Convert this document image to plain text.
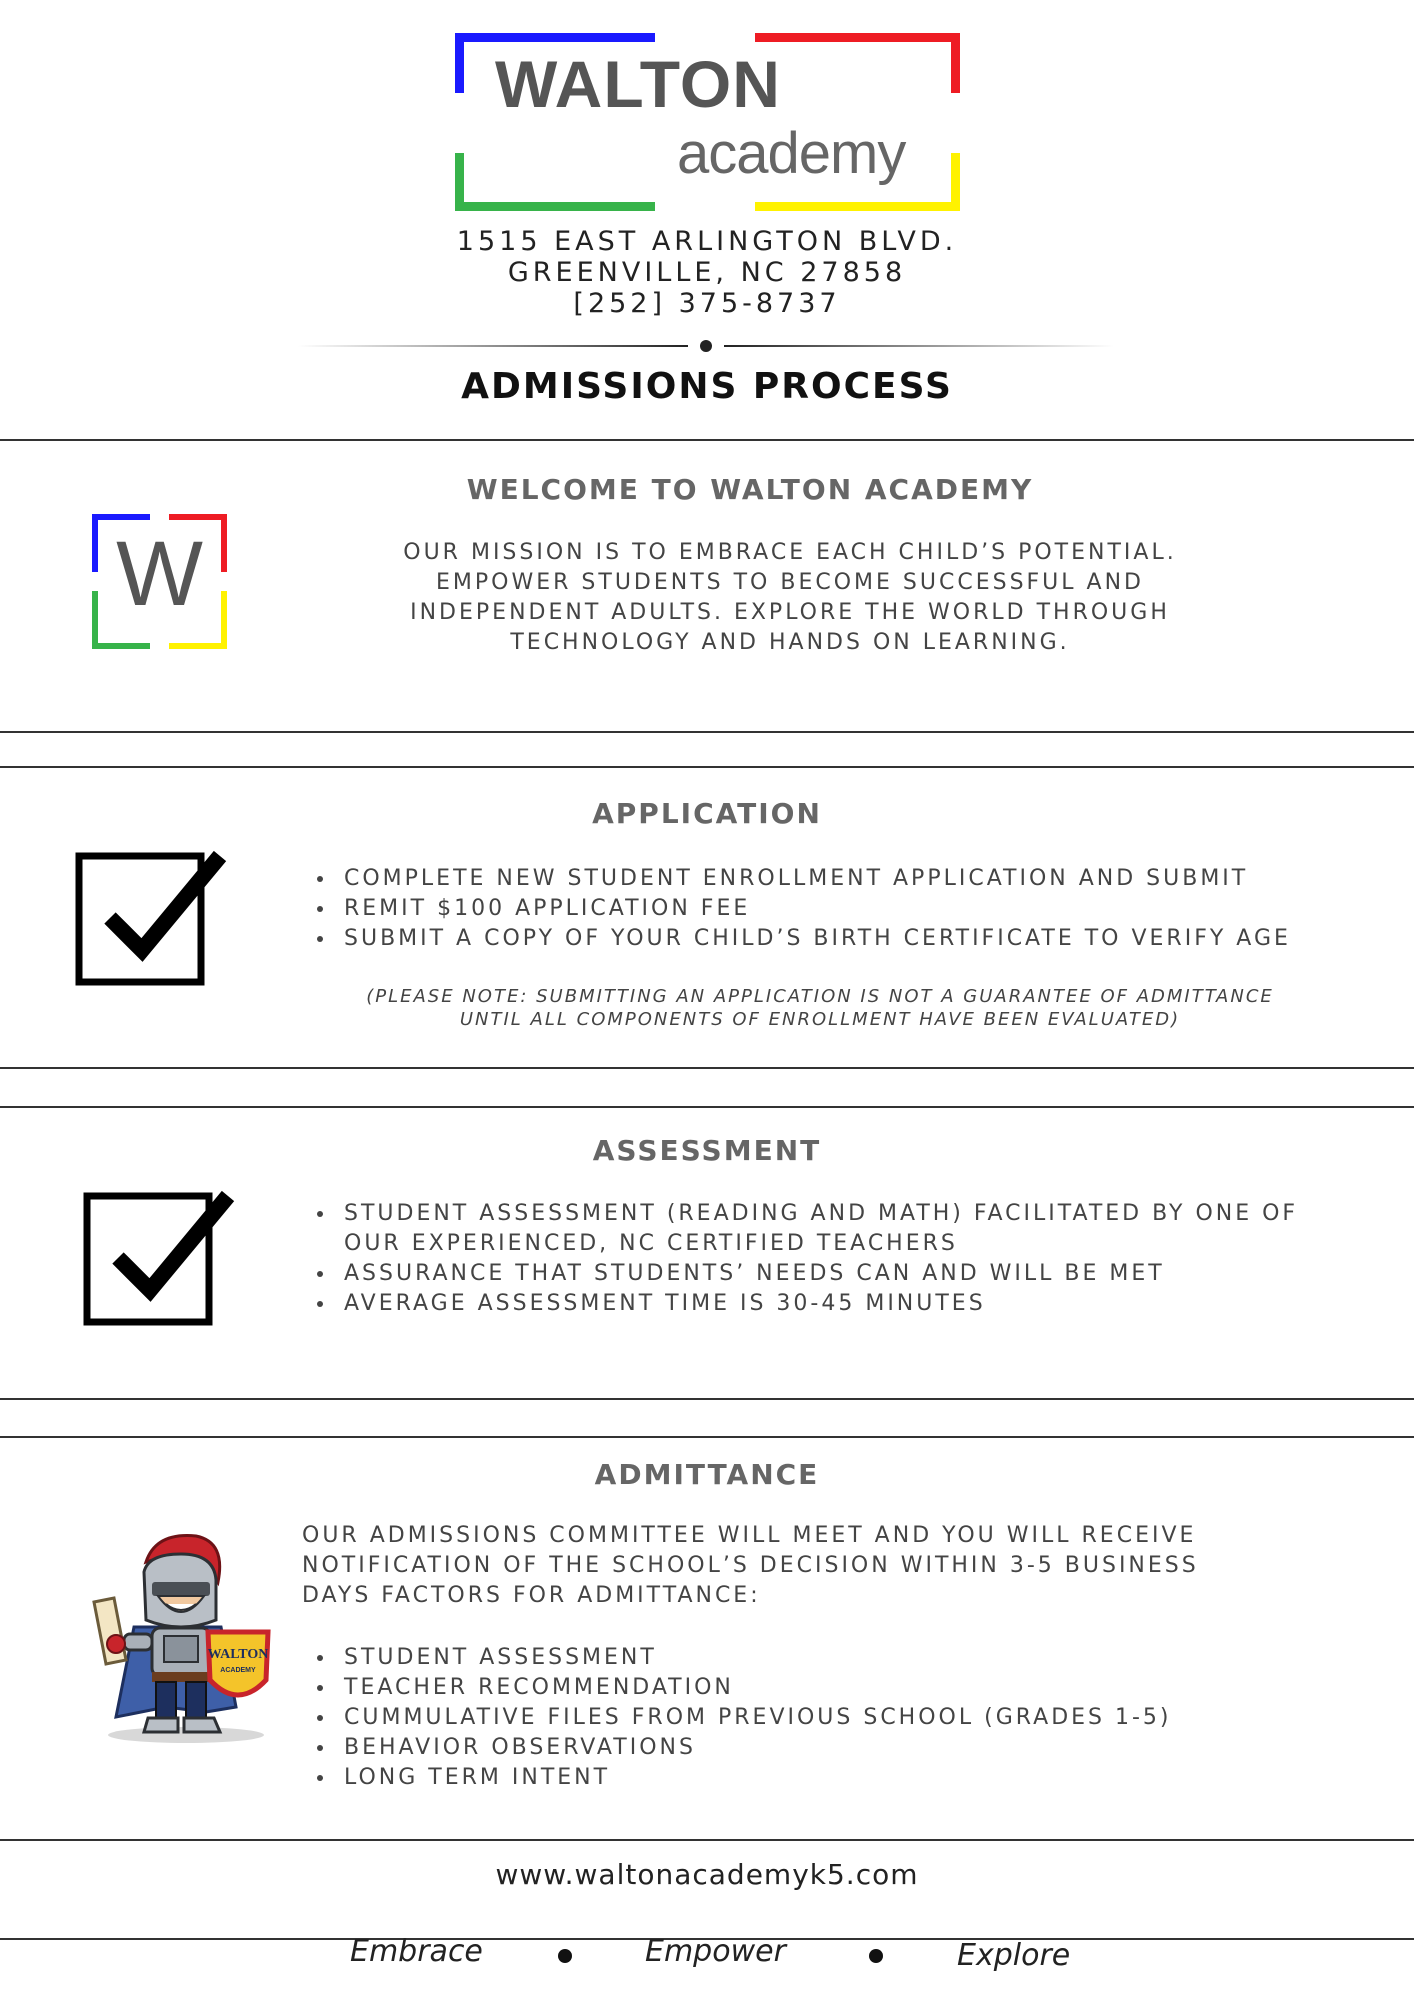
WALTON
academy
1515 EAST ARLINGTON BLVD.
GREENVILLE, NC 27858
[252] 375-8737
ADMISSIONS PROCESS
WELCOME TO WALTON ACADEMY
W	OUR MISSION IS TO EMBRACE EACH CHILD’S POTENTIAL.
EMPOWER STUDENTS TO BECOME SUCCESSFUL AND
INDEPENDENT ADULTS. EXPLORE THE WORLD THROUGH
TECHNOLOGY AND HANDS ON LEARNING.
APPLICATION
COMPLETE NEW STUDENT ENROLLMENT APPLICATION AND SUBMIT
REMIT $100 APPLICATION FEE
SUBMIT A COPY OF YOUR CHILD’S BIRTH CERTIFICATE TO VERIFY AGE
(PLEASE NOTE: SUBMITTING AN APPLICATION IS NOT A GUARANTEE OF ADMITTANCE
UNTIL ALL COMPONENTS OF ENROLLMENT HAVE BEEN EVALUATED)
ASSESSMENT
STUDENT ASSESSMENT (READING AND MATH) FACILITATED BY ONE OF OUR EXPERIENCED, NC CERTIFIED TEACHERS
ASSURANCE THAT STUDENTS’ NEEDS CAN AND WILL BE MET
AVERAGE ASSESSMENT TIME IS 30-45 MINUTES
ADMITTANCE
OUR ADMISSIONS COMMITTEE WILL MEET AND YOU WILL RECEIVE
NOTIFICATION OF THE SCHOOL’S DECISION WITHIN 3-5 BUSINESS
DAYS FACTORS FOR ADMITTANCE:
STUDENT ASSESSMENT
TEACHER RECOMMENDATION
CUMMULATIVE FILES FROM PREVIOUS SCHOOL (GRADES 1-5)
BEHAVIOR OBSERVATIONS
LONG TERM INTENT
WALTON
ACADEMY
www.waltonacademyk5.com
Embrace	Empower	Explore
